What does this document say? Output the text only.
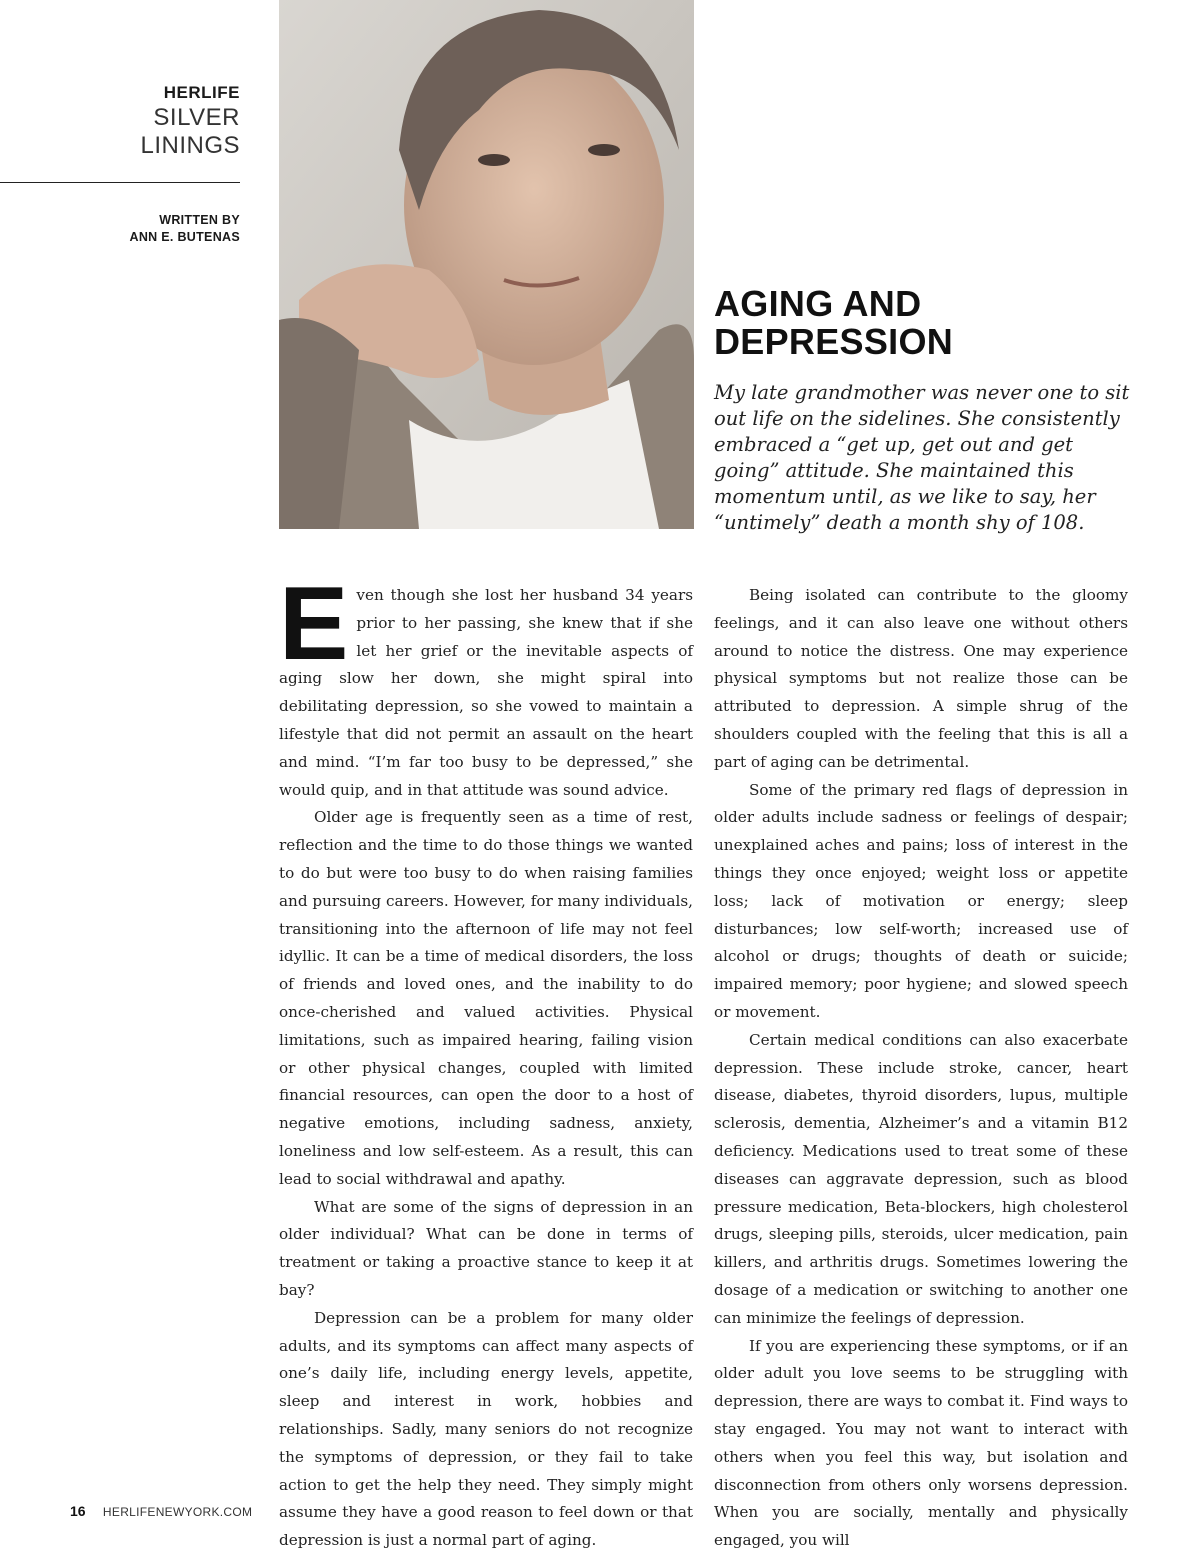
HERLIFE
SILVER
LININGS
WRITTEN BY
ANN E. BUTENAS
AGING AND
DEPRESSION

My late grandmother was never one to sit out life on the sidelines. She consistently embraced a “get up, get out and get going” attitude. She maintained this momentum until, as we like to say, her “untimely” death a month shy of 108.

Even though she lost her husband 34 years prior to her passing, she knew that if she let her grief or the inevitable aspects of aging slow her down, she might spiral into debilitating depression, so she vowed to maintain a lifestyle that did not permit an assault on the heart and mind. “I’m far too busy to be depressed,” she would quip, and in that attitude was sound advice.

Older age is frequently seen as a time of rest, reflection and the time to do those things we wanted to do but were too busy to do when raising families and pursuing careers. However, for many individuals, transitioning into the afternoon of life may not feel idyllic. It can be a time of medical disorders, the loss of friends and loved ones, and the inability to do once-cherished and valued activities. Physical limitations, such as impaired hearing, failing vision or other physical changes, coupled with limited financial resources, can open the door to a host of negative emotions, including sadness, anxiety, loneliness and low self-esteem. As a result, this can lead to social withdrawal and apathy.

What are some of the signs of depression in an older individual? What can be done in terms of treatment or taking a proactive stance to keep it at bay?

Depression can be a problem for many older adults, and its symptoms can affect many aspects of one’s daily life, including energy levels, appetite, sleep and interest in work, hobbies and relationships. Sadly, many seniors do not recognize the symptoms of depression, or they fail to take action to get the help they need. They simply might assume they have a good reason to feel down or that depression is just a normal part of aging.

Being isolated can contribute to the gloomy feelings, and it can also leave one without others around to notice the distress. One may experience physical symptoms but not realize those can be attributed to depression. A simple shrug of the shoulders coupled with the feeling that this is all a part of aging can be detrimental.

Some of the primary red flags of depression in older adults include sadness or feelings of despair; unexplained aches and pains; loss of interest in the things they once enjoyed; weight loss or appetite loss; lack of motivation or energy; sleep disturbances; low self-worth; increased use of alcohol or drugs; thoughts of death or suicide; impaired memory; poor hygiene; and slowed speech or movement.

Certain medical conditions can also exacerbate depression. These include stroke, cancer, heart disease, diabetes, thyroid disorders, lupus, multiple sclerosis, dementia, Alzheimer’s and a vitamin B12 deficiency. Medications used to treat some of these diseases can aggravate depression, such as blood pressure medication, Beta-blockers, high cholesterol drugs, sleeping pills, steroids, ulcer medication, pain killers, and arthritis drugs. Sometimes lowering the dosage of a medication or switching to another one can minimize the feelings of depression.

If you are experiencing these symptoms, or if an older adult you love seems to be struggling with depression, there are ways to combat it. Find ways to stay engaged. You may not want to interact with others when you feel this way, but isolation and disconnection from others only worsens depression. When you are socially, mentally and physically engaged, you will

16 HERLIFENEWYORK.COM
